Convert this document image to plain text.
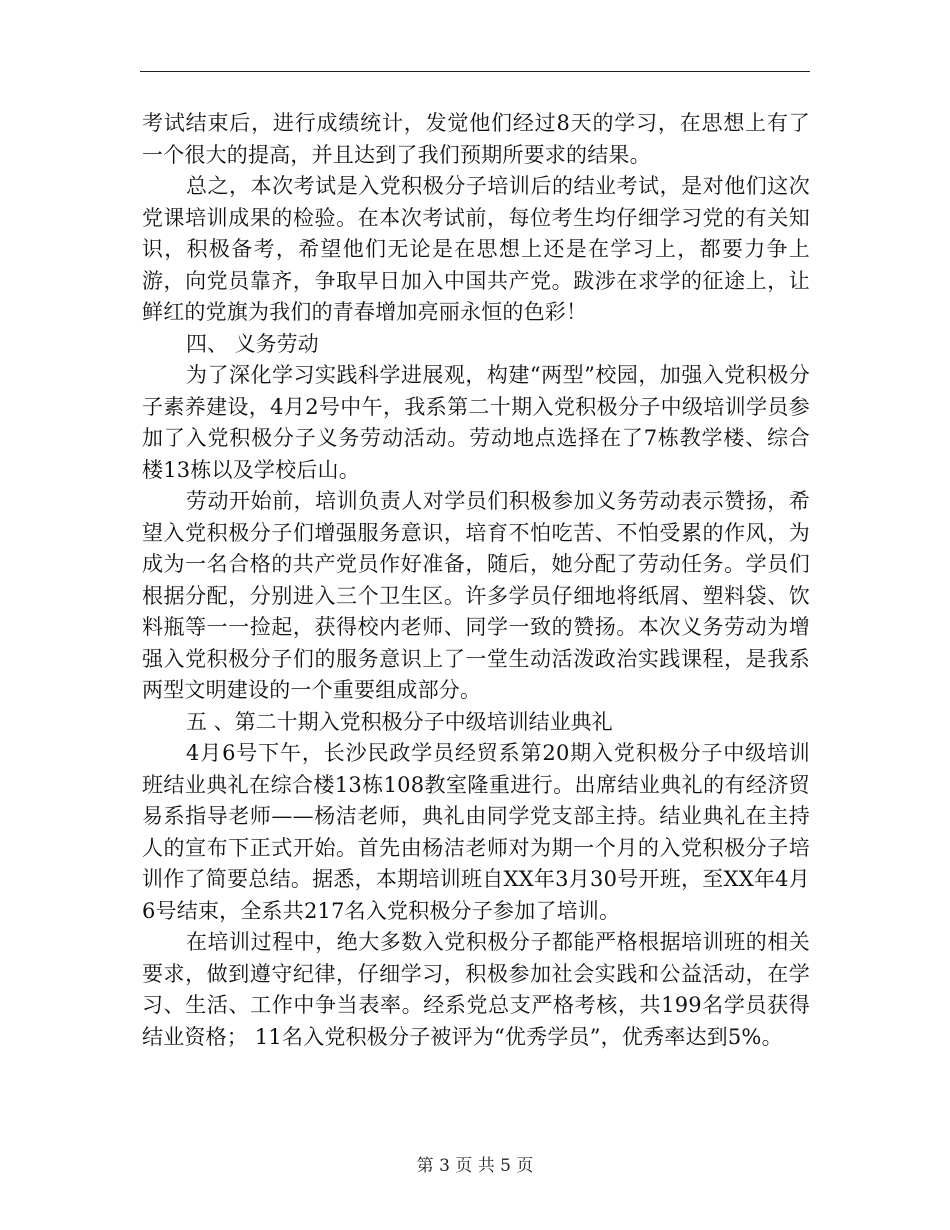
考试结束后，进行成绩统计，发觉他们经过8天的学习，在思想上有了一个很大的提高，并且达到了我们预期所要求的结果。

总之，本次考试是入党积极分子培训后的结业考试，是对他们这次党课培训成果的检验。在本次考试前，每位考生均仔细学习党的有关知识，积极备考，希望他们无论是在思想上还是在学习上，都要力争上游，向党员靠齐，争取早日加入中国共产党。跋涉在求学的征途上，让鲜红的党旗为我们的青春增加亮丽永恒的色彩！

四、 义务劳动

为了深化学习实践科学进展观，构建“两型”校园，加强入党积极分子素养建设，4月2号中午，我系第二十期入党积极分子中级培训学员参加了入党积极分子义务劳动活动。劳动地点选择在了7栋教学楼、综合楼13栋以及学校后山。

劳动开始前，培训负责人对学员们积极参加义务劳动表示赞扬，希望入党积极分子们增强服务意识，培育不怕吃苦、不怕受累的作风，为成为一名合格的共产党员作好准备，随后，她分配了劳动任务。学员们根据分配，分别进入三个卫生区。许多学员仔细地将纸屑、塑料袋、饮料瓶等一一捡起，获得校内老师、同学一致的赞扬。本次义务劳动为增强入党积极分子们的服务意识上了一堂生动活泼政治实践课程，是我系两型文明建设的一个重要组成部分。

五 、第二十期入党积极分子中级培训结业典礼

4月6号下午，长沙民政学员经贸系第20期入党积极分子中级培训班结业典礼在综合楼13栋108教室隆重进行。出席结业典礼的有经济贸易系指导老师——杨洁老师，典礼由同学党支部主持。结业典礼在主持人的宣布下正式开始。首先由杨洁老师对为期一个月的入党积极分子培训作了简要总结。据悉，本期培训班自XX年3月30号开班，至XX年4月6号结束，全系共217名入党积极分子参加了培训。

在培训过程中，绝大多数入党积极分子都能严格根据培训班的相关要求，做到遵守纪律，仔细学习，积极参加社会实践和公益活动，在学习、生活、工作中争当表率。经系党总支严格考核，共199名学员获得结业资格； 11名入党积极分子被评为“优秀学员”，优秀率达到5%。

第 3 页 共 5 页
